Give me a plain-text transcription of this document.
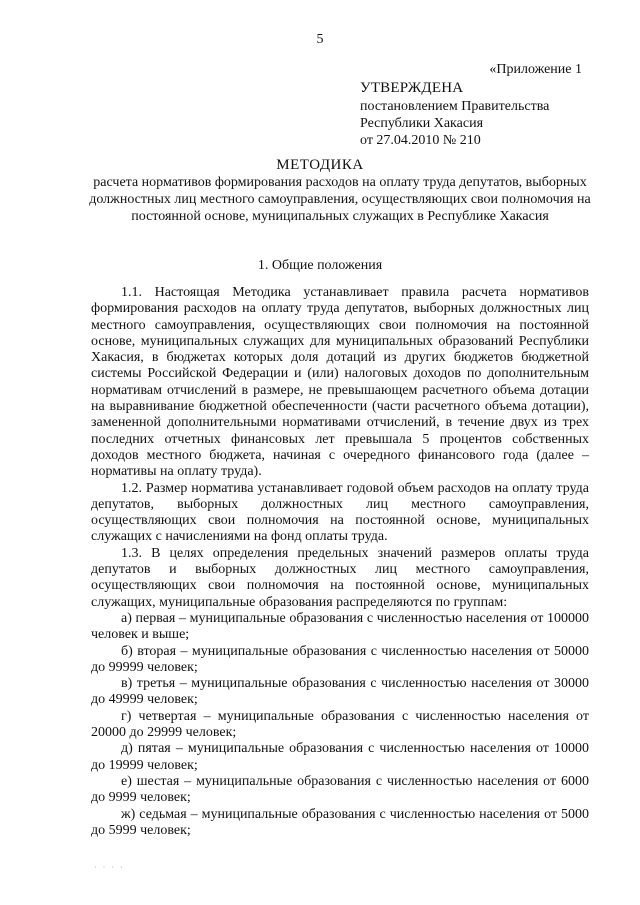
5
«Приложение 1
УТВЕРЖДЕНА
постановлением Правительства
Республики Хакасия
от 27.04.2010 № 210
МЕТОДИКА
расчета нормативов формирования расходов на оплату труда депутатов, выборных должностных лиц местного самоуправления, осуществляющих свои полномочия на постоянной основе, муниципальных служащих в Республике Хакасия
1. Общие положения

1.1. Настоящая Методика устанавливает правила расчета нормативов формирования расходов на оплату труда депутатов, выборных должностных лиц местного самоуправления, осуществляющих свои полномочия на постоянной основе, муниципальных служащих для муниципальных образований Республики Хакасия, в бюджетах которых доля дотаций из других бюджетов бюджетной системы Российской Федерации и (или) налоговых доходов по дополнительным нормативам отчислений в размере, не превышающем расчетного объема дотации на выравнивание бюджетной обеспеченности (части расчетного объема дотации), замененной дополнительными нормативами отчислений, в течение двух из трех последних отчетных финансовых лет превышала 5 процентов собственных доходов местного бюджета, начиная с очередного финансового года (далее – нормативы на оплату труда).

1.2. Размер норматива устанавливает годовой объем расходов на оплату труда депутатов, выборных должностных лиц местного самоуправления, осуществляющих свои полномочия на постоянной основе, муниципальных служащих с начислениями на фонд оплаты труда.

1.3. В целях определения предельных значений размеров оплаты труда депутатов и выборных должностных лиц местного самоуправления, осуществляющих свои полномочия на постоянной основе, муниципальных служащих, муниципальные образования распределяются по группам:

а) первая – муниципальные образования с численностью населения от 100000 человек и выше;

б) вторая – муниципальные образования с численностью населения от 50000 до 99999 человек;

в) третья – муниципальные образования с численностью населения от 30000 до 49999 человек;

г) четвертая – муниципальные образования с численностью населения от 20000 до 29999 человек;

д) пятая – муниципальные образования с численностью населения от 10000 до 19999 человек;

е) шестая – муниципальные образования с численностью населения от 6000 до 9999 человек;

ж) седьмая – муниципальные образования с численностью населения от 5000 до 5999 человек;

· · · ·
